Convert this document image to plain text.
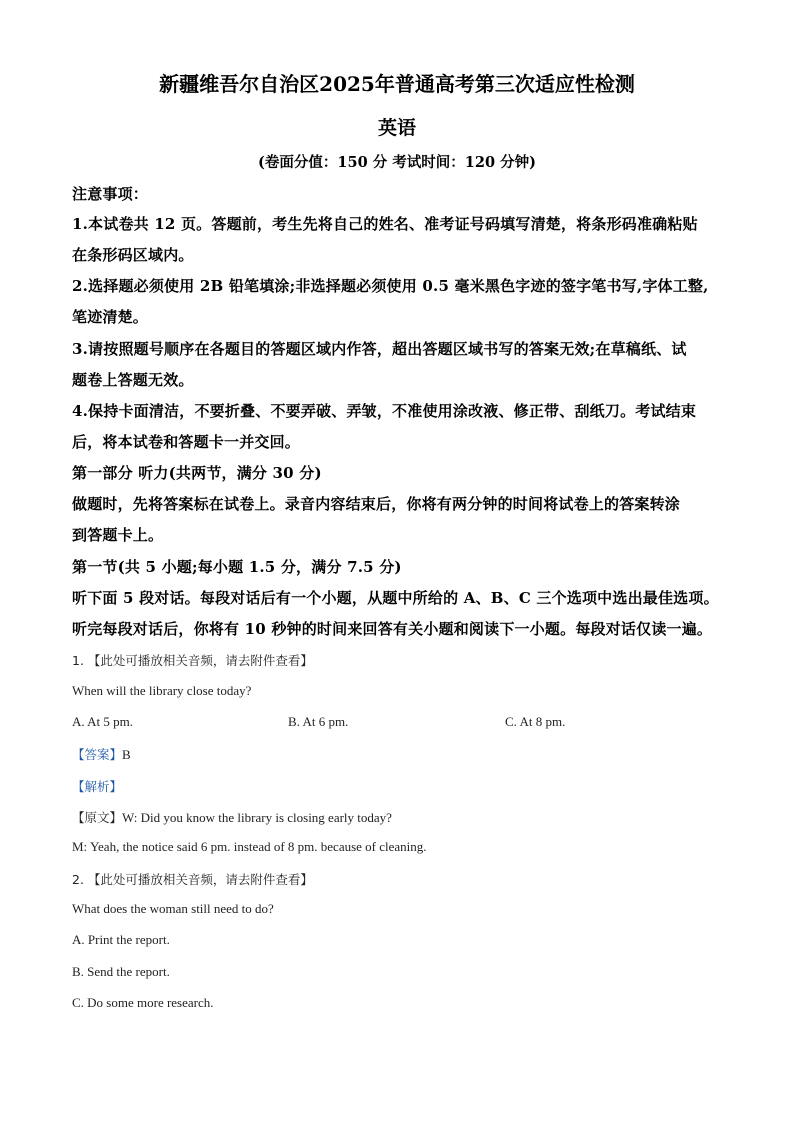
新疆维吾尔自治区2025年普通高考第三次适应性检测
英语
(卷面分值：150 分 考试时间：120 分钟)
注意事项：
1.本试卷共 12 页。答题前，考生先将自己的姓名、准考证号码填写清楚，将条形码准确粘贴
在条形码区域内。
2.选择题必须使用 2B 铅笔填涂;非选择题必须使用 0.5 毫米黑色字迹的签字笔书写,字体工整,
笔迹清楚。
3.请按照题号顺序在各题目的答题区域内作答，超出答题区域书写的答案无效;在草稿纸、试
题卷上答题无效。
4.保持卡面清洁，不要折叠、不要弄破、弄皱，不准使用涂改液、修正带、刮纸刀。考试结束
后，将本试卷和答题卡一并交回。
第一部分 听力(共两节，满分 30 分)
做题时，先将答案标在试卷上。录音内容结束后，你将有两分钟的时间将试卷上的答案转涂
到答题卡上。
第一节(共 5 小题;每小题 1.5 分，满分 7.5 分)
听下面 5 段对话。每段对话后有一个小题，从题中所给的 A、B、C 三个选项中选出最佳选项。
听完每段对话后，你将有 10 秒钟的时间来回答有关小题和阅读下一小题。每段对话仅读一遍。
1. 【此处可播放相关音频，请去附件查看】
When will the library close today?
A. At 5 pm.	B. At 6 pm.	C. At 8 pm.
【答案】B
【解析】
【原文】W: Did you know the library is closing early today?
M: Yeah, the notice said 6 pm. instead of 8 pm. because of cleaning.
2. 【此处可播放相关音频，请去附件查看】
What does the woman still need to do?
A. Print the report.
B. Send the report.
C. Do some more research.
